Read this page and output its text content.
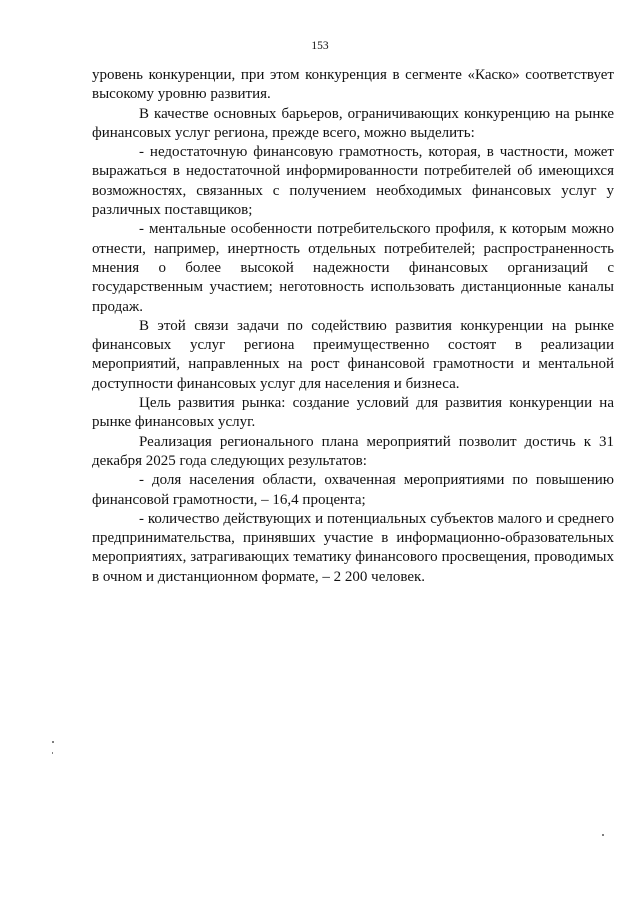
153

уровень конкуренции, при этом конкуренция в сегменте «Каско» соответствует высокому уровню развития.

В качестве основных барьеров, ограничивающих конкуренцию на рынке финансовых услуг региона, прежде всего, можно выделить:

- недостаточную финансовую грамотность, которая, в частности, может выражаться в недостаточной информированности потребителей об имеющихся возможностях, связанных с получением необходимых финансовых услуг у различных поставщиков;

- ментальные особенности потребительского профиля, к которым можно отнести, например, инертность отдельных потребителей; распространенность мнения о более высокой надежности финансовых организаций с государственным участием; неготовность использовать дистанционные каналы продаж.

В этой связи задачи по содействию развития конкуренции на рынке финансовых услуг региона преимущественно состоят в реализации мероприятий, направленных на рост финансовой грамотности и ментальной доступности финансовых услуг для населения и бизнеса.

Цель развития рынка: создание условий для развития конкуренции на рынке финансовых услуг.

Реализация регионального плана мероприятий позволит достичь к 31 декабря 2025 года следующих результатов:

- доля населения области, охваченная мероприятиями по повышению финансовой грамотности, – 16,4 процента;

- количество действующих и потенциальных субъектов малого и среднего предпринимательства, принявших участие в информационно-образовательных мероприятиях, затрагивающих тематику финансового просвещения, проводимых в очном и дистанционном формате, – 2 200 человек.
